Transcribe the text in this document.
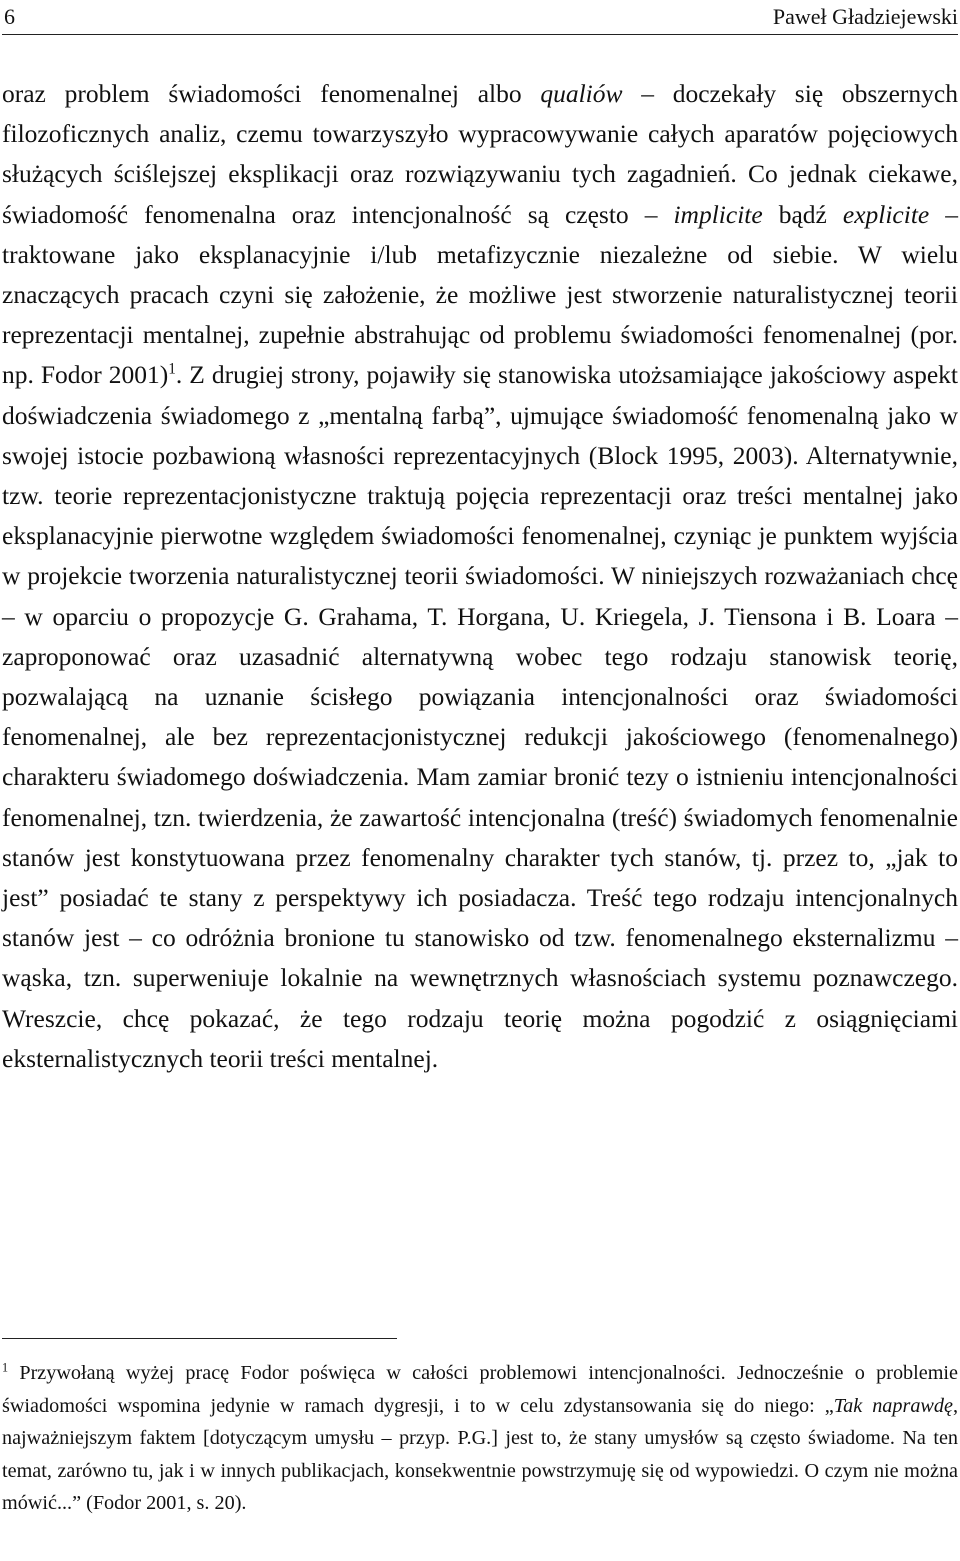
6	Paweł Gładziejewski

oraz problem świadomości fenomenalnej albo qualiów – doczekały się obszernych filozoficznych analiz, czemu towarzyszyło wypracowywanie całych aparatów pojęciowych służących ściślejszej eksplikacji oraz rozwiązywaniu tych zagadnień. Co jednak ciekawe, świadomość fenomenalna oraz intencjonalność są często – implicite bądź explicite – traktowane jako eksplanacyjnie i/lub metafizycznie niezależne od siebie. W wielu znaczących pracach czyni się założenie, że możliwe jest stworzenie naturalistycznej teorii reprezentacji mentalnej, zupełnie abstrahując od problemu świadomości fenomenalnej (por. np. Fodor 2001)$^1$. Z drugiej strony, pojawiły się stanowiska utożsamiające jakościowy aspekt doświadczenia świadomego z „mentalną farbą”, ujmujące świadomość fenomenalną jako w swojej istocie pozbawioną własności reprezentacyjnych (Block 1995, 2003). Alternatywnie, tzw. teorie reprezentacjonistyczne traktują pojęcia reprezentacji oraz treści mentalnej jako eksplanacyjnie pierwotne względem świadomości fenomenalnej, czyniąc je punktem wyjścia w projekcie tworzenia naturalistycznej teorii świadomości. W niniejszych rozważaniach chcę – w oparciu o propozycje G. Grahama, T. Horgana, U. Kriegela, J. Tiensona i B. Loara – zaproponować oraz uzasadnić alternatywną wobec tego rodzaju stanowisk teorię, pozwalającą na uznanie ścisłego powiązania intencjonalności oraz świadomości fenomenalnej, ale bez reprezentacjonistycznej redukcji jakościowego (fenomenalnego) charakteru świadomego doświadczenia. Mam zamiar bronić tezy o istnieniu intencjonalności fenomenalnej, tzn. twierdzenia, że zawartość intencjonalna (treść) świadomych fenomenalnie stanów jest konstytuowana przez fenomenalny charakter tych stanów, tj. przez to, „jak to jest” posiadać te stany z perspektywy ich posiadacza. Treść tego rodzaju intencjonalnych stanów jest – co odróżnia bronione tu stanowisko od tzw. fenomenalnego eksternalizmu – wąska, tzn. superweniuje lokalnie na wewnętrznych własnościach systemu poznawczego. Wreszcie, chcę pokazać, że tego rodzaju teorię można pogodzić z osiągnięciami eksternalistycznych teorii treści mentalnej.

$^1$ Przywołaną wyżej pracę Fodor poświęca w całości problemowi intencjonalności. Jednocześnie o problemie świadomości wspomina jedynie w ramach dygresji, i to w celu zdystansowania się do niego: „Tak naprawdę, najważniejszym faktem [dotyczącym umysłu – przyp. P.G.] jest to, że stany umysłów są często świadome. Na ten temat, zarówno tu, jak i w innych publikacjach, konsekwentnie powstrzymuję się od wypowiedzi. O czym nie można mówić...” (Fodor 2001, s. 20).
